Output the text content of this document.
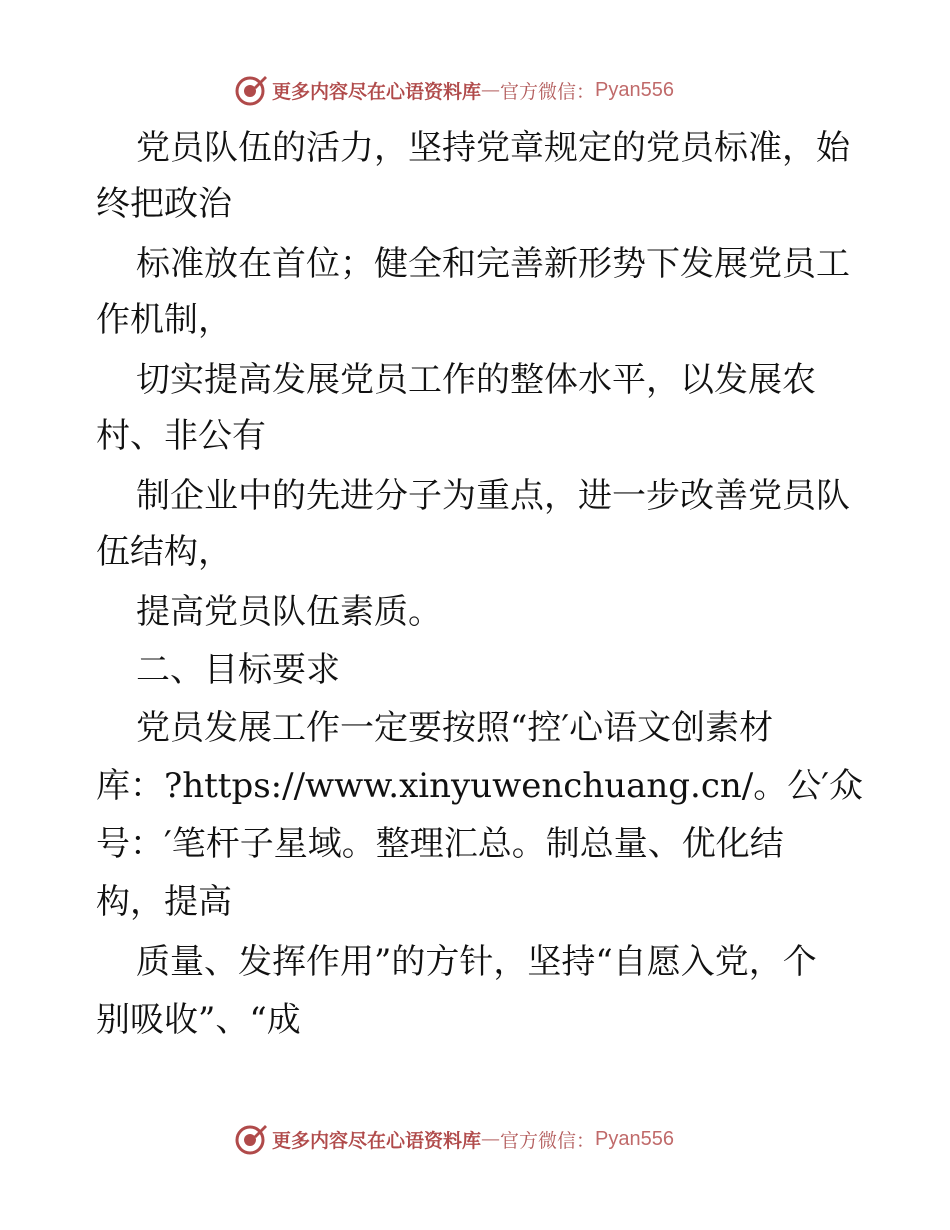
更多内容尽在心语资料库 — 官方微信： Pyan556
党员队伍的活力，坚持党章规定的党员标准，始
终把政治
标准放在首位；健全和完善新形势下发展党员工
作机制，
切实提高发展党员工作的整体水平，以发展农
村、非公有
制企业中的先进分子为重点，进一步改善党员队
伍结构，
提高党员队伍素质。
二、目标要求
党员发展工作一定要按照“控′心语文创素材
库：?https://www.xinyuwenchuang.cn/。公′众
号：′笔杆子星域。整理汇总。制总量、优化结
构，提高
质量、发挥作用”的方针，坚持“自愿入党，个
别吸收”、“成
更多内容尽在心语资料库 — 官方微信： Pyan556
